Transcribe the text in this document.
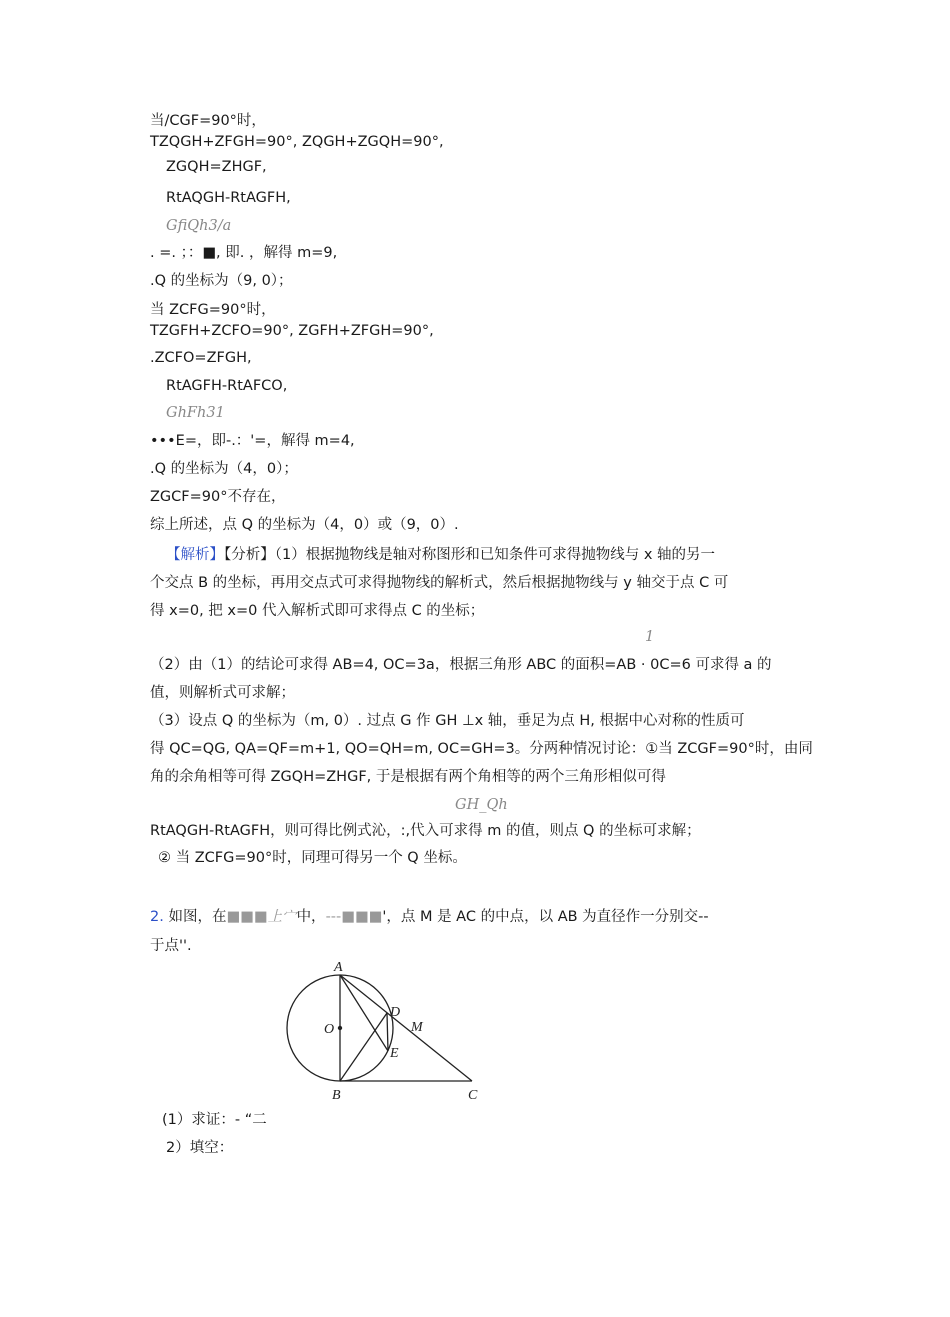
当/CGF=90°时，
TZQGH+ZFGH=90°, ZQGH+ZGQH=90°,
ZGQH=ZHGF,
RtAQGH-RtAGFH,
GfiQh3/a
. =. ；：■, 即. ，解得 m=9,
.Q 的坐标为（9, 0）；
当 ZCFG=90°时，
TZGFH+ZCFO=90°, ZGFH+ZFGH=90°,
.ZCFO=ZFGH,
RtAGFH-RtAFCO,
GhFh31
•••E=，即-.：'=，解得 m=4,
.Q 的坐标为（4，0）；
ZGCF=90°不存在，
综上所述，点 Q 的坐标为（4，0）或（9，0）.
【解析】【分析】（1）根据抛物线是轴对称图形和已知条件可求得抛物线与 x 轴的另一
个交点 B 的坐标，再用交点式可求得抛物线的解析式，然后根据抛物线与 y 轴交于点 C 可
得 x=0, 把 x=0 代入解析式即可求得点 C 的坐标；
1
（2）由（1）的结论可求得 AB=4, OC=3a，根据三角形 ABC 的面积=AB · 0C=6 可求得 a 的
值，则解析式可求解；
（3）设点 Q 的坐标为（m, 0）. 过点 G 作 GH ⊥x 轴，垂足为点 H, 根据中心对称的性质可
得 QC=QG, QA=QF=m+1, QO=QH=m, OC=GH=3。分两种情况讨论：①当 ZCGF=90°时，由同
角的余角相等可得 ZGQH=ZHGF, 于是根据有两个角相等的两个三角形相似可得
GH_Qh
RtAQGH-RtAGFH，则可得比例式沁，:,代入可求得 m 的值，则点 Q 的坐标可求解；
② 当 ZCFG=90°时，同理可得另一个 Q 坐标。
2. 如图，在■■■上宀中，---■■■'，点 M 是 AC 的中点，以 AB 为直径作一分别交--
于点''.
A
B	C
D
E
M
O
(1）求证：- “二
2）填空：
